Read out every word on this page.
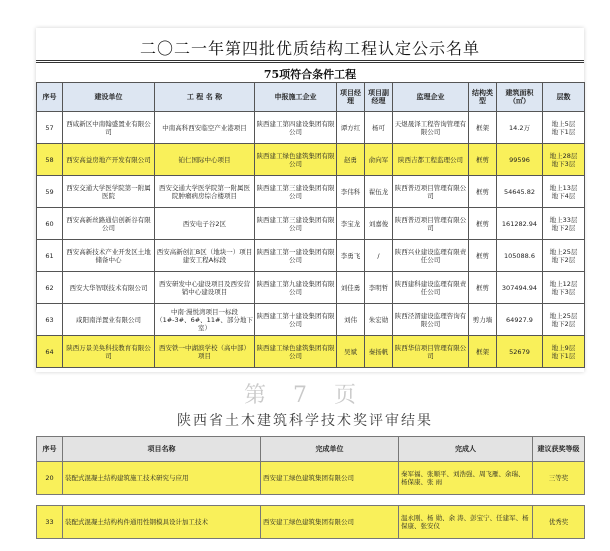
二〇二一年第四批优质结构工程认定公示名单
75项符合条件工程
序号	建设单位	工 程 名 称	申报施工企业	项目经理	项目副经理	监理企业	结构类型	建筑面积（㎡）	层数
57	西咸新区中南翰盛置业有限公司	中南高科西安临空产业港项目	陕西建工第四建设集团有限公司	谭方红	杨可	天煜晟泽工程咨询管理有限公司	框架	14.2万	地上5层
地下1层
58	西安高益房地产开发有限公司	铂仁国际中心项目	陕西建工绿色建筑集团有限公司	赵勇	俞向军	陕西吉都工程监理公司	框剪	99596	地上28层
地下3层
59	西安交通大学医学院第一附属医院	西安交通大学医学院第一附属医院肿瘤病房综合楼项目	陕西建工第三建设集团有限公司	李伟科	翟伍龙	陕西普迈项目管理有限公司	框剪	54645.82	地上13层
地下4层
60	西安高新丝路通信创新谷有限公司	西安电子谷2区	陕西建工第三建设集团有限公司	李宝龙	刘嘉俊	陕西普迈项目管理有限公司	框剪	161282.94	地上33层
地下2层
61	西安高新技术产业开发区土地储备中心	西安高新创汇B区（地块一）项目建安工程A标段	陕西建工第一建设集团有限公司	李勇飞	/	陕西兴业建设监理有限责任公司	框剪	105088.6	地上25层
地下2层
62	西安大华智联技术有限公司	西安研发中心建设项目及西安营销中心建设项目	陕西建工第九建设集团有限公司	刘佳勇	李明哲	陕西建科建设监理有限责任公司	框剪	307494.94	地上12层
地下3层
63	咸阳南洋置业有限公司	中南·漫悦湾项目一标段（1#-3#、6#、11#、部分地下室）	陕西建工第十建设集团有限公司	刘伟	朱宏勋	陕西泾渭建设监理咨询有限公司	剪力墙	64927.9	地上25层
地下2层
64	陕西万景美奂科技教育有限公司	西安铁一中湖滨学校（高中部）项目	陕西建工绿色建筑集团有限公司	吴斌	秦扬帆	陕西华信项目管理有限公司	框架	52679	地上9层
地下1层
第 7 页
陕西省土木建筑科学技术奖评审结果
序号	项目名称	完成单位	完成人	建议获奖等级
20	装配式混凝土结构建筑施工技术研究与应用	西安建工绿色建筑集团有限公司	秦军福、张顺平、刘浩强、周飞雁、余瑞、杨保康、张 雨	三等奖

33	装配式混凝土结构构件通用性钢模具设计加工技术	西安建工绿色建筑集团有限公司	温永刚、杨 勋、余 涛、彭宝宁、任建军、杨保康、张安仪	优秀奖
